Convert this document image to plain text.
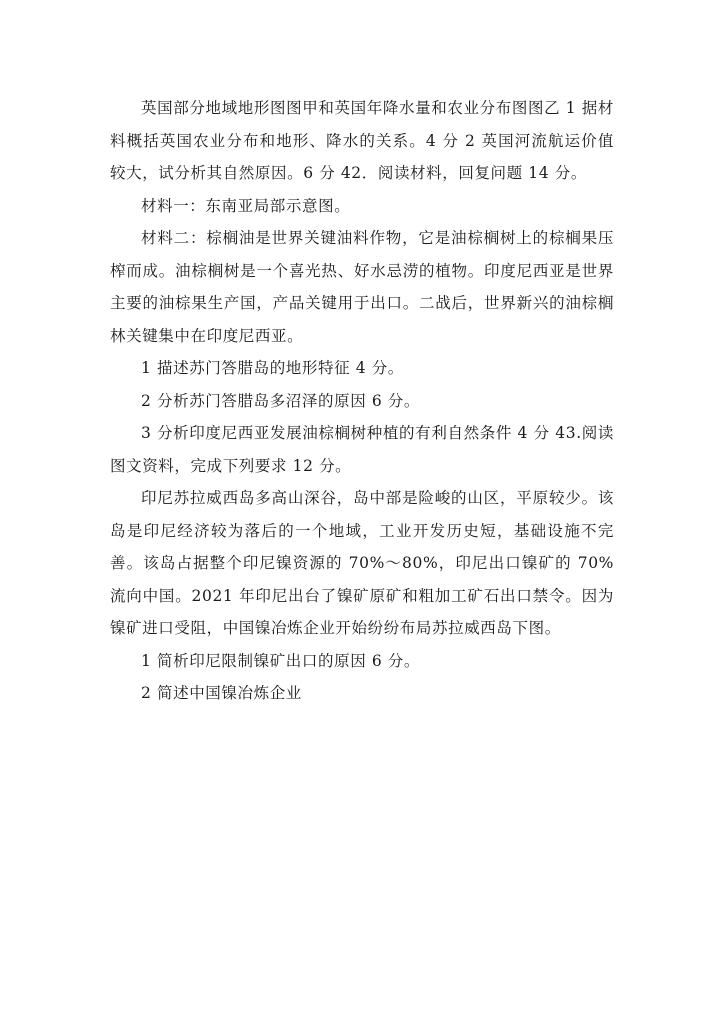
英国部分地域地形图图甲和英国年降水量和农业分布图图乙 1 据材料概括英国农业分布和地形、降水的关系。4 分 2 英国河流航运价值较大，试分析其自然原因。6 分 42．阅读材料，回复问题 14 分。

材料一：东南亚局部示意图。

材料二：棕榈油是世界关键油料作物，它是油棕榈树上的棕榈果压榨而成。油棕榈树是一个喜光热、好水忌涝的植物。印度尼西亚是世界主要的油棕果生产国，产品关键用于出口。二战后，世界新兴的油棕榈林关键集中在印度尼西亚。

1 描述苏门答腊岛的地形特征 4 分。

2 分析苏门答腊岛多沼泽的原因 6 分。

3 分析印度尼西亚发展油棕榈树种植的有利自然条件 4 分 43.阅读图文资料，完成下列要求 12 分。

印尼苏拉威西岛多高山深谷，岛中部是险峻的山区，平原较少。该岛是印尼经济较为落后的一个地域，工业开发历史短，基础设施不完善。该岛占据整个印尼镍资源的 70%～80%，印尼出口镍矿的 70%流向中国。2021 年印尼出台了镍矿原矿和粗加工矿石出口禁令。因为镍矿进口受阻，中国镍冶炼企业开始纷纷布局苏拉威西岛下图。

1 简析印尼限制镍矿出口的原因 6 分。

2 简述中国镍冶炼企业
